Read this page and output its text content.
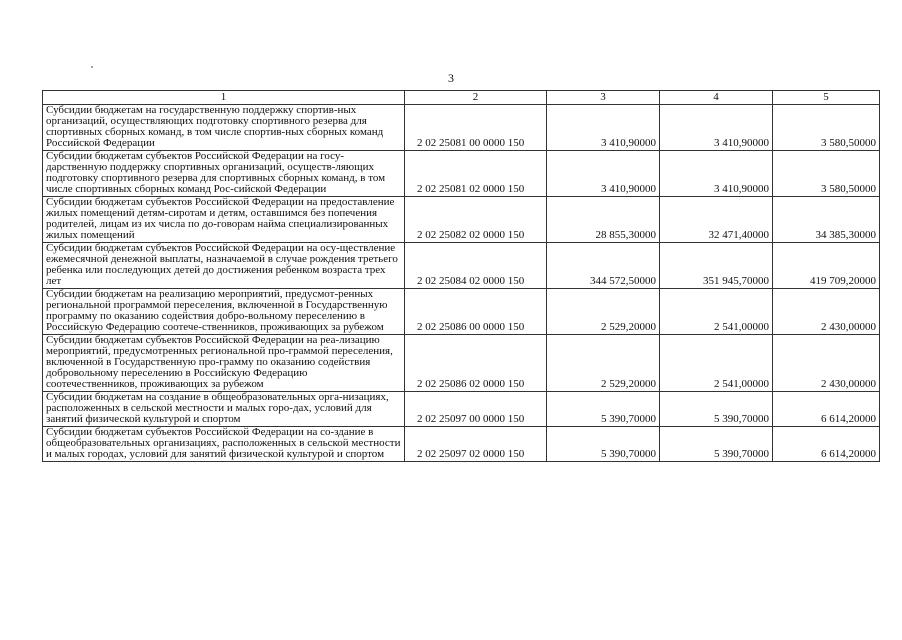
3
1	2	3	4	5
Субсидии бюджетам на государственную поддержку спортив-ных организаций, осуществляющих подготовку спортивного резерва для спортивных сборных команд, в том числе спортив-ных сборных команд Российской Федерации	2 02 25081 00 0000 150	3 410,90000	3 410,90000	3 580,50000
Субсидии бюджетам субъектов Российской Федерации на госу-дарственную поддержку спортивных организаций, осуществ-ляющих подготовку спортивного резерва для спортивных сборных команд, в том числе спортивных сборных команд Рос-сийской Федерации	2 02 25081 02 0000 150	3 410,90000	3 410,90000	3 580,50000
Субсидии бюджетам субъектов Российской Федерации на предоставление жилых помещений детям-сиротам и детям, оставшимся без попечения родителей, лицам из их числа по до-говорам найма специализированных жилых помещений	2 02 25082 02 0000 150	28 855,30000	32 471,40000	34 385,30000
Субсидии бюджетам субъектов Российской Федерации на осу-ществление ежемесячной денежной выплаты, назначаемой в случае рождения третьего ребенка или последующих детей до достижения ребенком возраста трех лет	2 02 25084 02 0000 150	344 572,50000	351 945,70000	419 709,20000
Субсидии бюджетам на реализацию мероприятий, предусмот-ренных региональной программой переселения, включенной в Государственную программу по оказанию содействия добро-вольному переселению в Российскую Федерацию соотече-ственников, проживающих за рубежом	2 02 25086 00 0000 150	2 529,20000	2 541,00000	2 430,00000
Субсидии бюджетам субъектов Российской Федерации на реа-лизацию мероприятий, предусмотренных региональной про-граммой переселения, включенной в Государственную про-грамму по оказанию содействия добровольному переселению в Российскую Федерацию соотечественников, проживающих за рубежом	2 02 25086 02 0000 150	2 529,20000	2 541,00000	2 430,00000
Субсидии бюджетам на создание в общеобразовательных орга-низациях, расположенных в сельской местности и малых горо-дах, условий для занятий физической культурой и спортом	2 02 25097 00 0000 150	5 390,70000	5 390,70000	6 614,20000
Субсидии бюджетам субъектов Российской Федерации на со-здание в общеобразовательных организациях, расположенных в сельской местности и малых городах, условий для занятий физической культурой и спортом	2 02 25097 02 0000 150	5 390,70000	5 390,70000	6 614,20000
